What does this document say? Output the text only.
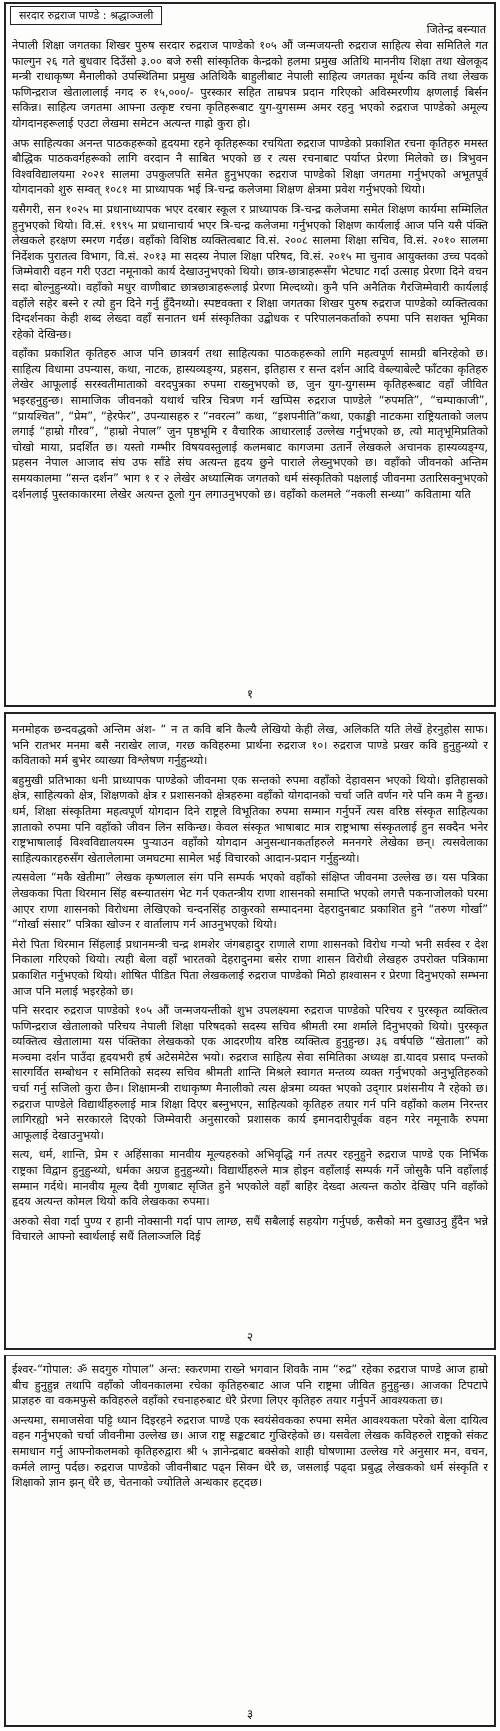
सरदार रुद्रराज पाण्डे : श्रद्धाञ्जली
जितेन्द्र बस्न्यात

नेपाली शिक्षा जगतका शिखर पुरुष सरदार रुद्रराज पाण्डेको १०५ औं जन्मजयन्ती रुद्रराज साहित्य सेवा समितिले गत फाल्गुन २६ गते बुधवार दिउँसो ३.०० बजे रुसी सांस्कृतिक केन्द्रको हलमा प्रमुख अतिथि माननीय शिक्षा तथा खेलकूद मन्त्री राधाकृष्ण मैनालीको उपस्थितिमा प्रमुख अतिथिकै बाहुलीबाट नेपाली साहित्य जगतका मूर्धन्य कवि तथा लेखक फणिन्द्रराज खेतालालाई नगद रु १५,०००/- पुरस्कार सहित ताम्रपत्र प्रदान गरिएको अविस्मरणीय क्षणलाई बिर्सन सकिन्न। साहित्य जगतमा आफ्ना उत्कृष्ट रचना कृतिहरूबाट युग-युगसम्म अमर रहनु भएको रुद्रराज पाण्डेको अमूल्य योगदानहरूलाई एउटा लेखमा समेटन अत्यन्त गाह्रो कुरा हो।

अफ साहित्यका अनन्त पाठकहरूको हृदयमा रहने कृतिहरूका रचयिता रुद्रराज पाण्डेको प्रकाशित रचना कृतिहरु ममस्त बौद्धिक पाठकवर्गहरूको लागि वरदान नै साबित भएको छ र त्यस रचनाबाट पर्याप्त प्रेरणा मिलेको छ। त्रिभुवन विश्वविद्यालयमा २०२१ सालमा उपकुलपति समेत हुनुभएका रुद्रराज पाण्डेको शिक्षा जगतमा गर्नुभएको अभूतपूर्व योगदानको शुरु सम्वत् १०८१ मा प्राध्यापक भई त्रि-चन्द्र कलेजमा शिक्षण क्षेत्रमा प्रवेश गर्नुभएको थियो।

यसैगरी, सन १०२५ मा प्रधानाध्यापक भएर दरबार स्कूल र प्राध्यापक त्रि-चन्द्र कलेजमा समेत शिक्षण कार्यमा सम्मिलित हुनुभएको थियो। वि.सं. १९९५ मा प्रधानाचार्य भएर त्रि-चन्द्र कलेजमा गर्नुभएको शिक्षण कार्यलाई आज पनि यसै पंक्ति लेखकले हरक्षण स्मरण गर्दछ। वहाँको विशिष्ठ व्यक्तित्वबाट वि.सं. २००८ सालमा शिक्षा सचिव, वि.सं. २०१० सालमा निर्देशक पुरातत्व विभाग, वि.सं. २०१३ मा सदस्य नेपाल शिक्षा परिषद, वि.सं. २०१५ मा चुनाव आयुक्तका उच्च पदको जिम्मेवारी वहन गरी एउटा नमूनाको कार्य देखाउनुभएको थियो। छात्र-छात्राहरूसँग भेटघाट गर्दा उत्साह प्रेरणा दिने वचन सदा बोल्नुहुन्थ्यो। वहाँको मधुर वाणीबाट छात्रछात्राहरूलाई प्रेरणा मिल्दथ्यो। कुनै पनि अनैतिक गैरजिम्मेवारी कार्यलाई वहाँले सहेर बस्ने र त्यो हुन दिने गर्नु हुँदैनथ्यो। स्पष्टवक्ता र शिक्षा जगतका शिखर पुरुष रुद्रराज पाण्डेको व्यक्तित्वका दिग्दर्शनका केही शब्द लेख्दा वहाँ सनातन धर्म संस्कृतिका उद्बोधक र परिपालनकर्ताको रुपमा पनि सशक्त भूमिका रहेको देखिन्छ।

वहाँका प्रकाशित कृतिहरु आज पनि छात्रवर्ग तथा साहित्यका पाठकहरूको लागि महत्वपूर्ण सामग्री बनिरहेको छ। साहित्य विधामा उपन्यास, कथा, नाटक, हास्यव्यङ्ग्य, प्रहसन, इतिहास र सन्त दर्शन आदि वेब्ल्याबेल्टै फाँटका कृतिहरु लेखेर आफूलाई सरस्वतीमाताको वरदपुत्रका रुपमा राख्नुभएको छ, जुन युग-युगसम्म कृतिहरूबाट वहाँ जीवित भइरहनुहुन्छ। सामाजिक जीवनको यथार्थ चरित्र चित्रण गर्न खप्पिस रुद्रराज पाण्डेले “रुपमति”, “चम्पाकाजी”, “प्रायश्चित”, “प्रेम”, “हेरफेर”, उपन्यासहरु र “नवरत्न” कथा, “इशपनीति”कथा, एकाङ्की नाटकमा राष्ट्रियताको जलप लगाई “हाम्रो गौरव”, “हाम्रो नेपाल” जुन पृष्ठभूमि र वैचारिक आधारलाई उल्लेख गर्नुभएको छ, त्यो मातृभूमिप्रतिको चोखो माया, प्रदर्शित छ। यस्तो गम्भीर विषयवस्तुलाई कलमबाट कागजमा उतार्ने लेखकले अचानक हास्यव्यङ्ग्य, प्रहसन नेपाल आजाद संघ उफ साँडे संघ अत्यन्त हृदय छुने पाराले लेख्नुभएको छ। वहाँको जीवनको अन्तिम समयकालमा “सन्त दर्शन” भाग १ र २ लेखेर अध्यात्मिक जगतको धर्म संस्कृतिको पक्षलाई जीवनमा उतारिसक्नुभएको दर्शनलाई पुस्तकाकारमा लेखेर अत्यन्त ठूलो गुन लगाउनुभएको छ। वहाँको कलमले “नकली सन्ध्या” कवितामा यति

१

मनमोहक छन्दवद्धको अन्तिम अंश- “ न त कवि बनि कैल्यै लेखियो केही लेख, अलिकति यति लेखें हेरनुहोस साफ। भनि रातभर मनमा बसै नराखेर लाज, गरछ कविहरुमा प्रार्थना रुद्रराज १०। रुद्रराज पाण्डे प्रखर कवि हुनुहुन्थ्यो र कविताको मर्म बुभेर व्याख्या विश्लेषण गर्नुहुन्थ्यो।

बहुमुखी प्रतिभाका धनी प्राध्यापक पाण्डेको जीवनमा एक सन्तको रुपमा वहाँको देहावसन भएको थियो। इतिहासको क्षेत्र, साहित्यको क्षेत्र, शिक्षणको क्षेत्र र प्रशासनको क्षेत्रहरुमा वहाँको योगदानको चर्चा जति वर्णन गरे पनि कम नै हुन्छ। धर्म, शिक्षा संस्कृतिमा महत्वपूर्ण योगदान दिने राष्ट्रले विभूतिका रुपमा सम्मान गर्नुपर्ने त्यस वरिष्ठ संस्कृत साहित्यका ज्ञाताको रुपमा पनि वहाँको जीवन लिन सकिन्छ। केवल संस्कृत भाषाबाट मात्र राष्ट्रभाषा संस्कृतलाई हुन सक्दैन भनेर राष्ट्रभाषालाई विश्वविद्यालयस्म पुर्‍याउन वहाँको योगदान अनुसन्धानकर्ताहरुले मननगरे लेखेका छन्। त्यसवेलाका साहित्यकारहरुसँग खेतालेलामा जमघटमा सामेल भई विचारको आदान-प्रदान गर्नुहुन्थ्यो।

त्यसवेला “मकै खेतीमा” लेखक कृष्णलाल संग पनि सम्पर्क भएको वहाँको संक्षिप्त जीवनमा उल्लेख छ। यस पत्रिका लेखकका पिता थिरमान सिंह बस्न्यातसंग भेट गर्न एकतन्त्रीय राणा शासनको समाप्ति भएको लगत्तै पकनाजोलको घरमा आएर राणा शासनको विरोधमा लेखिएको चन्दनसिंह ठाकुरको सम्पादनमा देहरादुनबाट प्रकाशित हुने “तरुण गोर्खा” “गोर्खा संसार” पत्रिका खोज्न र वार्तालाप गर्न आउनुभएको थियो।

मेरो पिता थिरमान सिंहलाई प्रधानमन्त्री चन्द्र शमशेर जंगबहादुर राणाले राणा शासनको विरोध गर्‍यो भनी सर्वस्व र देश निकाला गरिएको थियो। त्यही बेला वहाँ भारतको देहरादुनमा बसेर राणा शासन विरोधी लेखहरु उपरोक्त पत्रिकामा प्रकाशित गर्नुभएको थियो। शोषित पीडित पिता लेखकलाई रुद्रराज पाण्डेको मिठो हाश्वासन र प्रेरणा दिनुभएको सम्भना आज पनि मलाई भइरहेको छ।

पनि सरदार रुद्रराज पाण्डेको १०५ औं जन्मजयन्तीको शुभ उपलक्ष्यमा रुद्रराज पाण्डेको परिचय र पुरस्कृत व्यक्तित्व फणिन्द्रराज खेतालाको परिचय नेपाली शिक्षा परिषदको सदस्य सचिव श्रीमती रमा शर्माले दिनुभएको थियो। पुरस्कृत व्यक्तित्व खेतालामा यस पंक्तिका लेखकको एक आदरणीय वरिष्ठ व्यक्तित्व हुनुहुन्छ। ३६ वर्षपछि “खेताला” को मञ्चमा दर्शन पाउँदा हृदयभरी हर्ष अटेसमेटेस भयो। रुद्रराज साहित्य सेवा समितिका अध्यक्ष डा.यादव प्रसाद पन्तको सारगर्वित सम्बोधन र समितिको सदस्य सचिव श्रीमती शान्ति मिश्रले स्वागत मन्तव्य व्यक्त गर्नुभएको अनुभूतिहरुको चर्चा गर्नु सजिलो कुरा छैन। शिक्षामन्त्री राधाकृष्ण मैनालीको त्यस क्षेत्रमा व्यक्त भएको उद्‌गार प्रशंसनीय नै रहेको छ। रुद्रराज पाण्डेले विद्यार्थीहरुलाई मात्र शिक्षा दिएर बस्नुभएन, साहित्यको कृतिहरु तयार गर्न पनि वहाँको कलम निरन्तर लागिरह्यो भने सरकारले दिएको जिम्मेवारी अनुसारको प्रशासक कार्य इमानदारीपूर्वक वहन गरेर नमूनाकै रुपमा आफूलाई देखाउनुभयो।

सत्य, धर्म, शान्ति, प्रेम र अहिंसाका मानवीय मूल्यहरुको अभिवृद्धि गर्न तत्पर रहनुहुने रुद्रराज पाण्डे एक निर्भिक राष्ट्रका विद्वान हुनुहुन्थ्यो, धर्मका अग्रज हुनुहुन्थ्यो। विद्यार्थीहरुले मात्र होइन वहाँलाई सम्पर्क गर्ने जोसुकै पनि वहाँलाई सम्मान गर्दथे। मानवीय मूल्य दैवी गुणबाट सृजित हुने भएकोले वहाँ बाहिर देख्दा अत्यन्त कठोर देखिए पनि वहाँको हृदय अत्यन्त कोमल थियो कवि लेखकका रुपमा।

अरुको सेवा गर्दा पुण्य र हानी नोक्सानी गर्दा पाप लाग्छ, सधैं सबैलाई सहयोग गर्नुपर्छ, कसैको मन दुखाउनु हुँदैन भन्ने विचारले आफ्नो स्वार्थलाई सधैं तिलाञ्जलि दिई

२

ईश्वर-“गोपाल: ॐ सदगुरु गोपाल” अन्त: स्करणमा राख्ने भगवान शिवकै नाम “रुद्र” रहेका रुद्रराज पाण्डे आज हाम्रो बीच हुनुहुन्न तथापि वहाँको जीवनकालमा रचेका कृतिहरुबाट आज पनि राष्ट्रमा जीवित हुनुहुन्छ। आजका टिपटापे प्राज्ञहरु वा वकमफुसे कविहरुले वहाँको रचनाहरुबाट धेरै प्रेरणा लिएर कृतिहरु तयार गर्नुपर्ने आवश्यकता छ।

अन्त्यमा, समाजसेवा पट्टि ध्यान दिइरहने रुद्रराज पाण्डे एक स्वयंसेवकका रुपमा समेत आवश्यकता परेको बेला दायित्व वहन गर्नुभएको चर्चा जीवनीमा उल्लेख छ। आज राष्ट्र सङ्कटबाट गुज्रिरहेको छ। यसवेला लेखक कविहरुले राष्ट्रको संकट समाधान गर्नु आफ्नोकलमको कृतिहरुद्वारा श्री ५ ज्ञानेन्द्रबाट बक्सेको शाही घोषणामा उल्लेख गरे अनुसार मन, वचन, कर्मले लाग्नु पर्दछ। रुद्रराज पाण्डेको जीवनीबाट पढ्न सिक्न धेरै छ, जसलाई पढ्दा प्रबुद्ध लेखकको धर्म संस्कृति र शिक्षाको ज्ञान झन् धेरै छ, चेतनाको ज्योतिले अन्धकार हट्दछ।

३
